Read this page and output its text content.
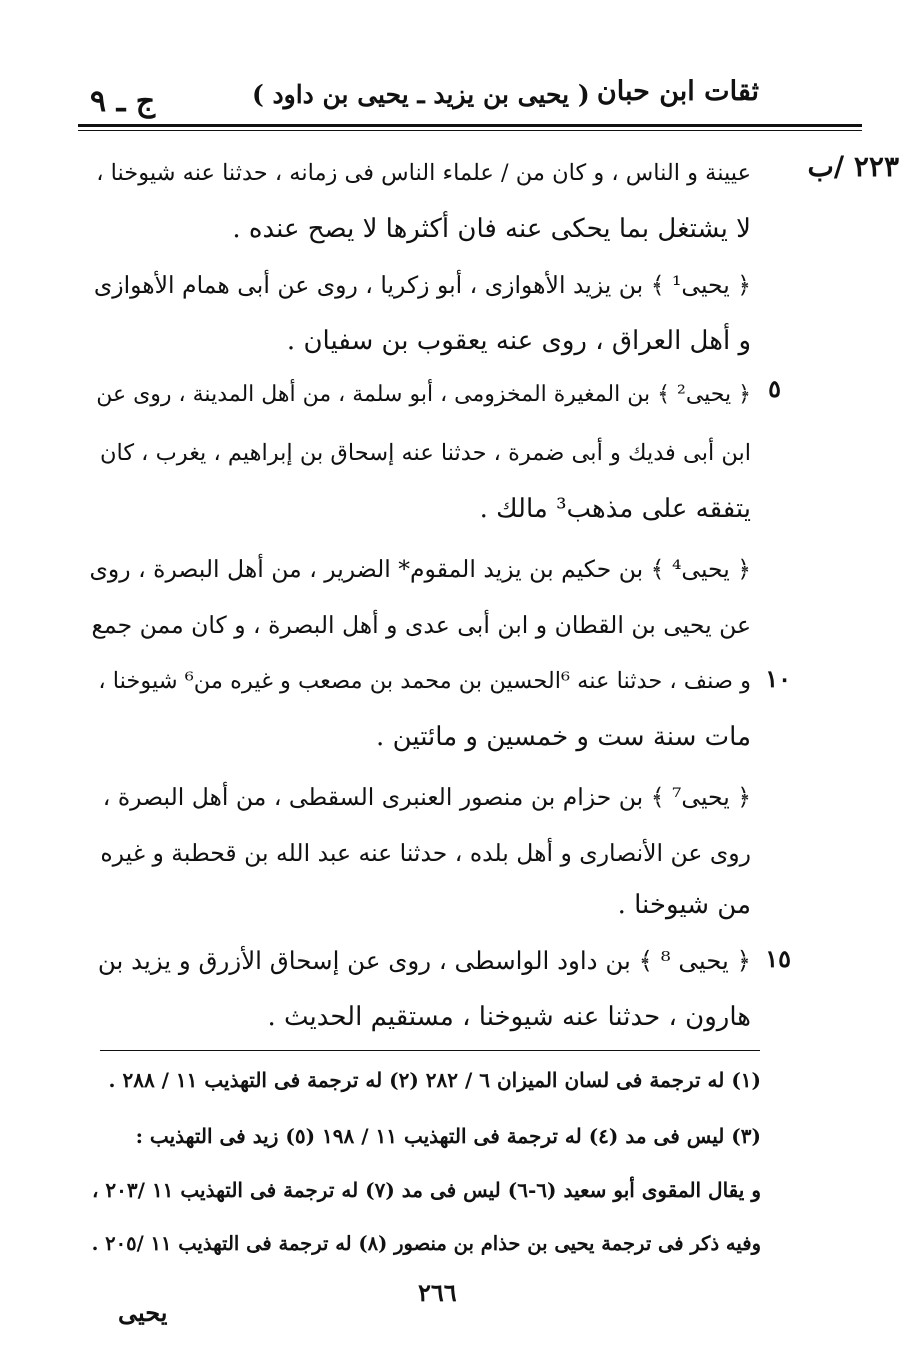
ثقات ابن حبان
( يحيى بن يزيد ـ يحيى بن داود )
ج ـ ٩
٢٢٣ /ب
٥
١٠
١٥
عيينة و الناس ، و كان من / علماء الناس فى زمانه ، حدثنا عنه شيوخنا ،
لا يشتغل بما يحكى عنه فان أكثرها لا يصح عنده .
﴿ يحيى¹ ﴾ بن يزيد الأهوازى ، أبو زكريا ، روى عن أبى همام الأهوازى
و أهل العراق ، روى عنه يعقوب بن سفيان .
﴿ يحيى² ﴾ بن المغيرة المخزومى ، أبو سلمة ، من أهل المدينة ، روى عن
ابن أبى فديك و أبى ضمرة ، حدثنا عنه إسحاق بن إبراهيم ، يغرب ، كان
يتفقه على مذهب³ مالك .
﴿ يحيى⁴ ﴾ بن حكيم بن يزيد المقوم* الضرير ، من أهل البصرة ، روى
عن يحيى بن القطان و ابن أبى عدى و أهل البصرة ، و كان ممن جمع
و صنف ، حدثنا عنه ⁶الحسين بن محمد بن مصعب و غيره من⁶ شيوخنا ،
مات سنة ست و خمسين و مائتين .
﴿ يحيى⁷ ﴾ بن حزام بن منصور العنبرى السقطى ، من أهل البصرة ،
روى عن الأنصارى و أهل بلده ، حدثنا عنه عبد الله بن قحطبة و غيره
من شيوخنا .
﴿ يحيى ⁸ ﴾ بن داود الواسطى ، روى عن إسحاق الأزرق و يزيد بن
هارون ، حدثنا عنه شيوخنا ، مستقيم الحديث .
(١) له ترجمة فى لسان الميزان ٦ / ٢٨٢ (٢) له ترجمة فى التهذيب ١١ / ٢٨٨ .
(٣) ليس فى مد (٤) له ترجمة فى التهذيب ١١ / ١٩٨ (٥) زيد فى التهذيب :
و يقال المقوى أبو سعيد (٦-٦) ليس فى مد (٧) له ترجمة فى التهذيب ١١ /٢٠٣ ،
وفيه ذكر فى ترجمة يحيى بن حذام بن منصور (٨) له ترجمة فى التهذيب ١١ /٢٠٥ .
٢٦٦
يحيى
